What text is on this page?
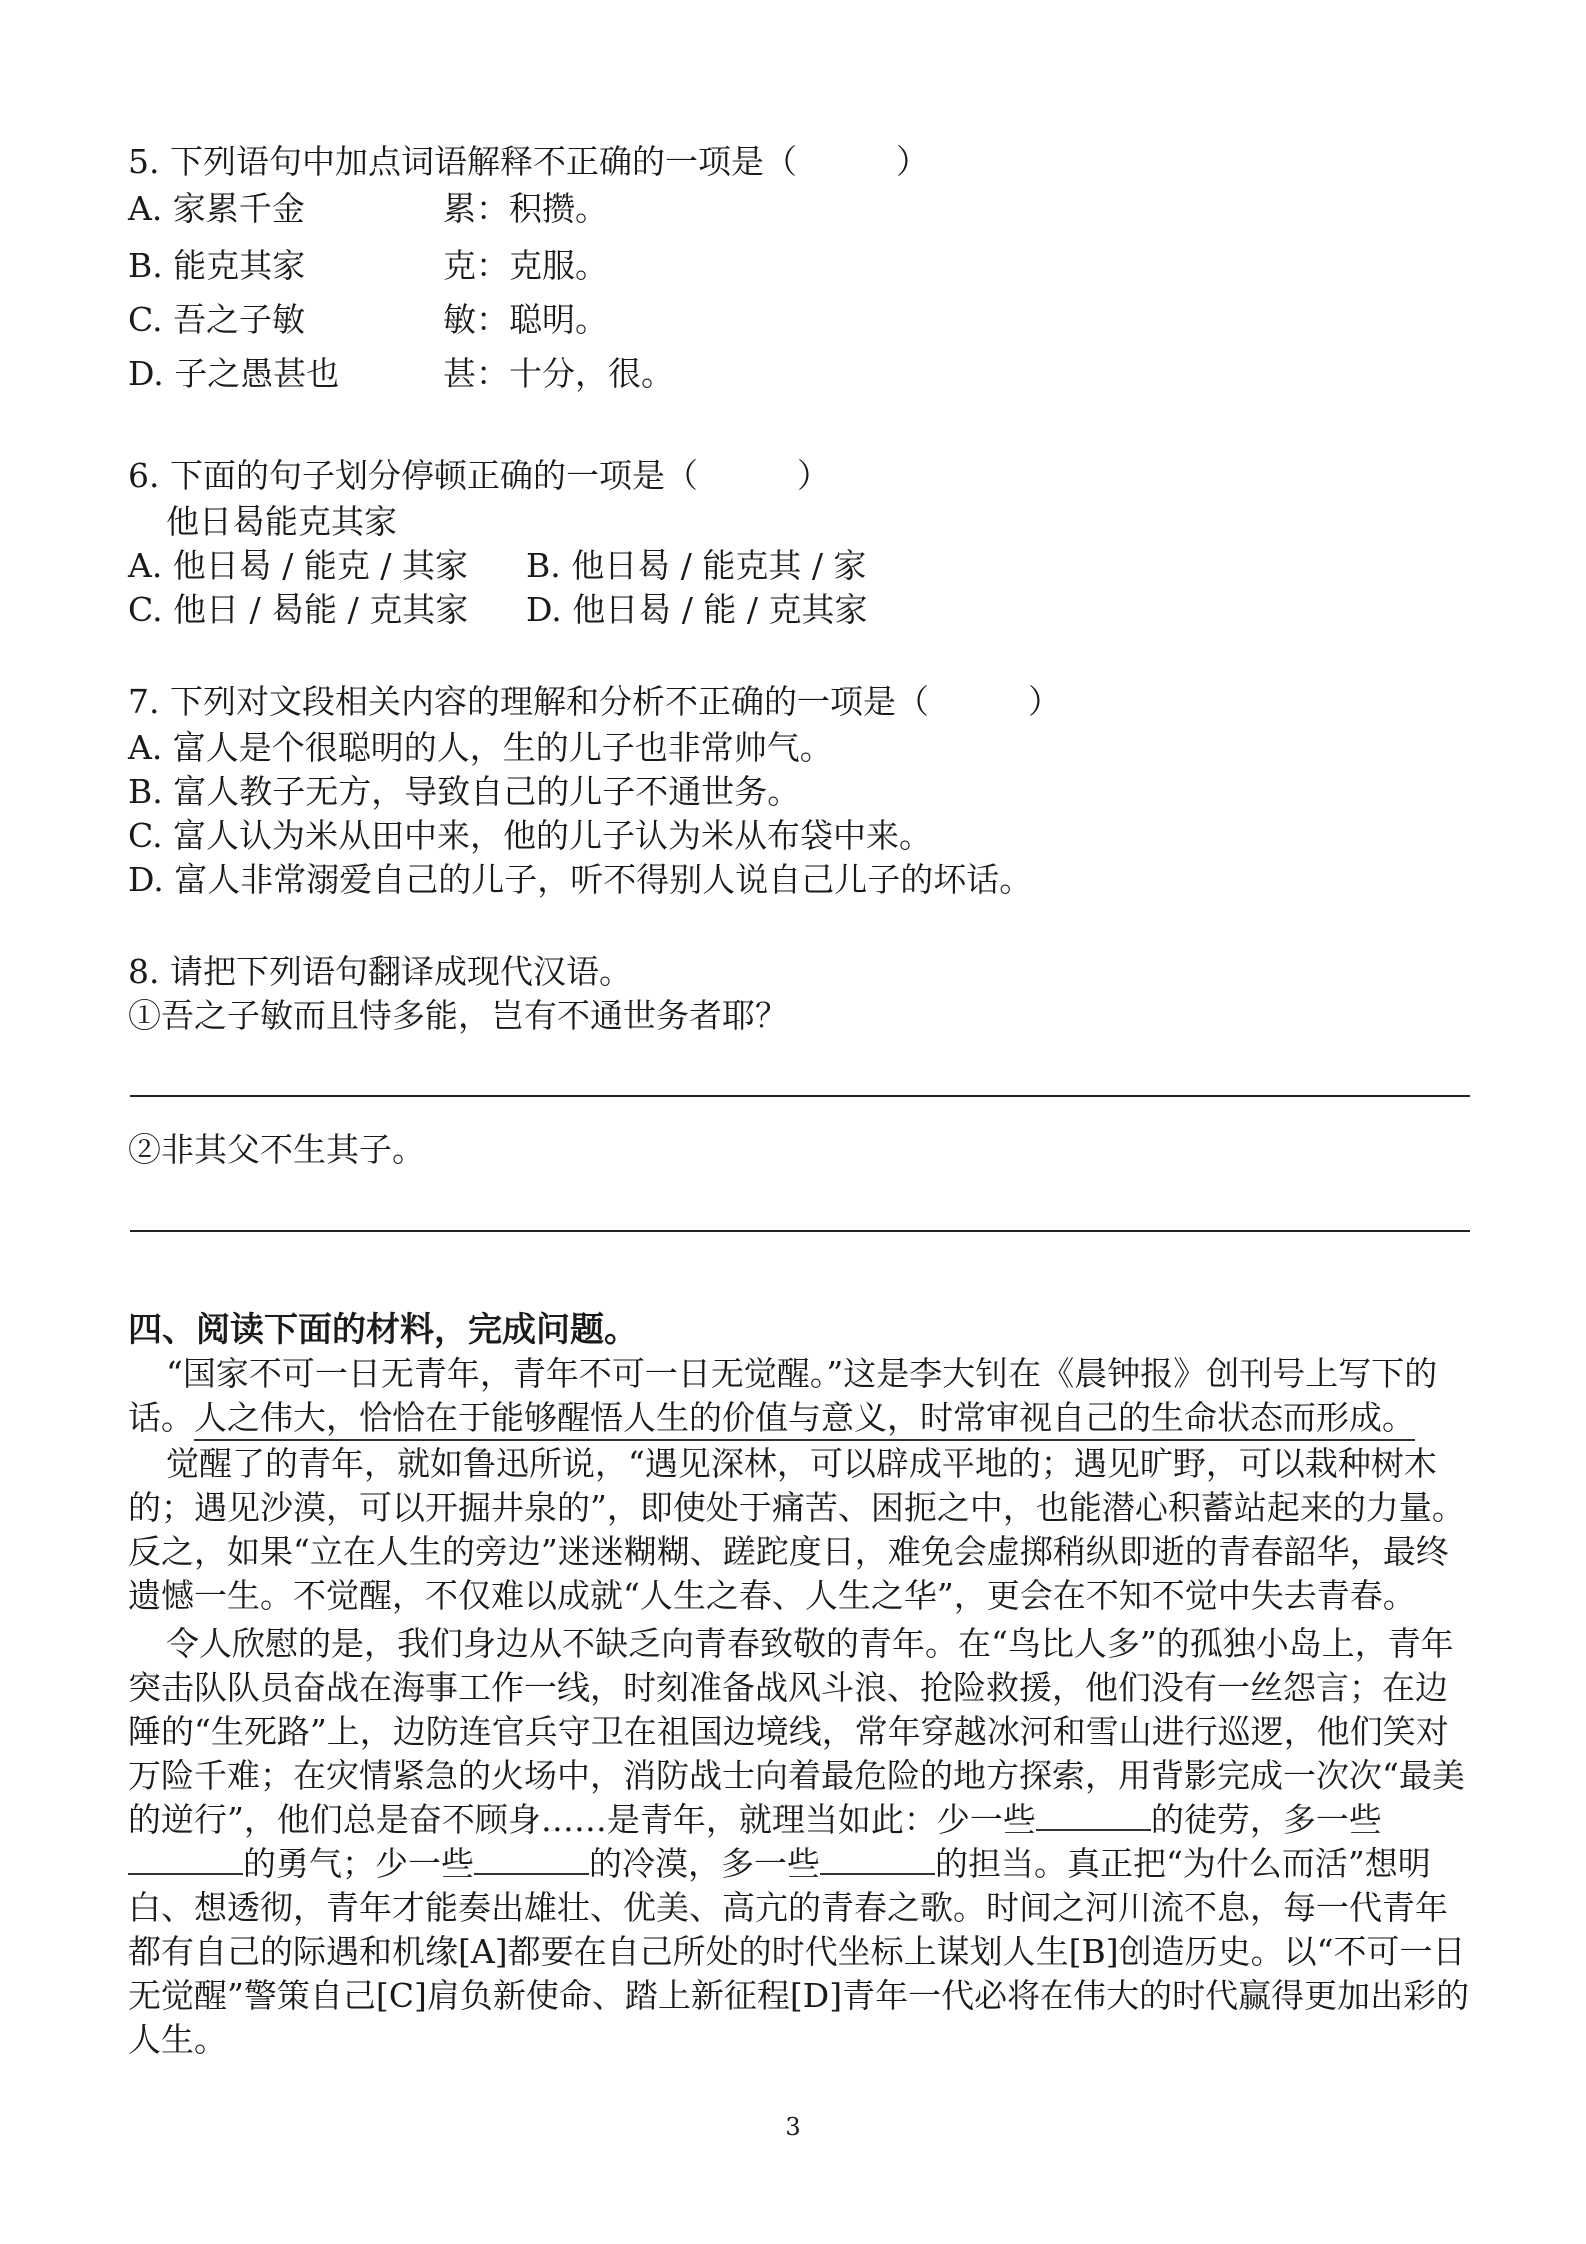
5. 下列语句中加点词语解释不正确的一项是（　　　）
A. 家累千金	累：积攒。
B. 能克其家	克：克服。
C. 吾之子敏	敏：聪明。
D. 子之愚甚也	甚：十分，很。
6. 下面的句子划分停顿正确的一项是（　　　）
他日曷能克其家
A. 他日曷 / 能克 / 其家 B. 他日曷 / 能克其 / 家
C. 他日 / 曷能 / 克其家 D. 他日曷 / 能 / 克其家
7. 下列对文段相关内容的理解和分析不正确的一项是（　　　）
A. 富人是个很聪明的人，生的儿子也非常帅气。
B. 富人教子无方，导致自己的儿子不通世务。
C. 富人认为米从田中来，他的儿子认为米从布袋中来。
D. 富人非常溺爱自己的儿子，听不得别人说自己儿子的坏话。
8. 请把下列语句翻译成现代汉语。
①吾之子敏而且恃多能，岂有不通世务者耶？
②非其父不生其子。
四、阅读下面的材料，完成问题。
“国家不可一日无青年，青年不可一日无觉醒。”这是李大钊在《晨钟报》创刊号上写下的话。人之伟大，恰恰在于能够醒悟人生的价值与意义，时常审视自己的生命状态而形成。
觉醒了的青年，就如鲁迅所说，“遇见深林，可以辟成平地的；遇见旷野，可以栽种树木的；遇见沙漠，可以开掘井泉的”，即使处于痛苦、困扼之中，也能潜心积蓄站起来的力量。反之，如果“立在人生的旁边”迷迷糊糊、蹉跎度日，难免会虚掷稍纵即逝的青春韶华，最终遗憾一生。不觉醒，不仅难以成就“人生之春、人生之华”，更会在不知不觉中失去青春。
令人欣慰的是，我们身边从不缺乏向青春致敬的青年。在“鸟比人多”的孤独小岛上，青年突击队队员奋战在海事工作一线，时刻准备战风斗浪、抢险救援，他们没有一丝怨言；在边陲的“生死路”上，边防连官兵守卫在祖国边境线，常年穿越冰河和雪山进行巡逻，他们笑对万险千难；在灾情紧急的火场中，消防战士向着最危险的地方探索，用背影完成一次次“最美的逆行”，他们总是奋不顾身……是青年，就理当如此：少一些	的徒劳，多一些的勇气；少一些	的冷漠，多一些	的担当。真正把“为什么而活”想明白、想透彻，青年才能奏出雄壮、优美、高亢的青春之歌。时间之河川流不息，每一代青年都有自己的际遇和机缘[A]都要在自己所处的时代坐标上谋划人生[B]创造历史。以“不可一日无觉醒”警策自己[C]肩负新使命、踏上新征程[D]青年一代必将在伟大的时代赢得更加出彩的人生。
3
